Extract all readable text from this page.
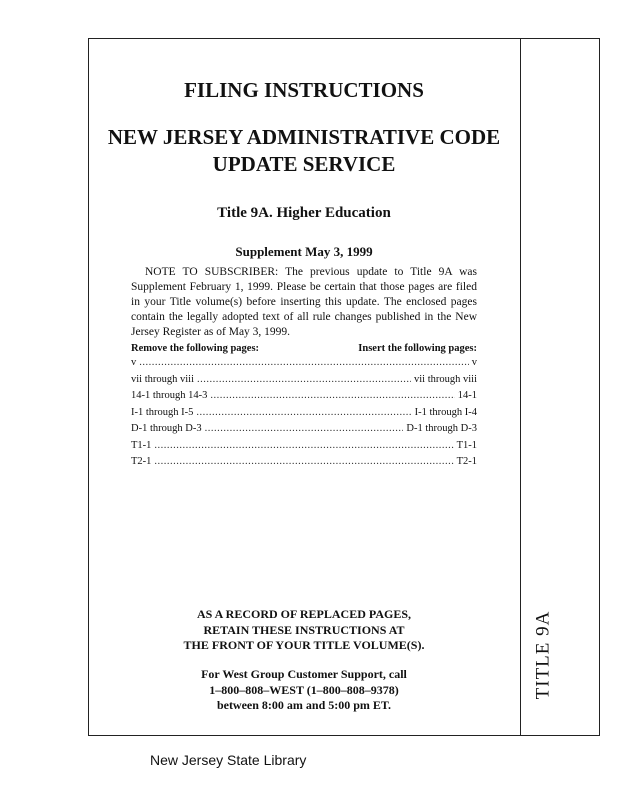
TITLE 9A
FILING INSTRUCTIONS
NEW JERSEY ADMINISTRATIVE CODE
UPDATE SERVICE
Title 9A. Higher Education
Supplement May 3, 1999

NOTE TO SUBSCRIBER: The previous update to Title 9A was Supplement February 1, 1999. Please be certain that those pages are filed in your Title volume(s) before inserting this update. The enclosed pages contain the legally adopted text of all rule changes published in the New Jersey Register as of May 3, 1999.

Remove the following pages:	Insert the following pages:
v .....	v
vii through viii .....	vii through viii
14-1 through 14-3 .....	14-1
I-1 through I-5 .....	I-1 through I-4
D-1 through D-3 .....	D-1 through D-3
T1-1 .....	T1-1
T2-1 .....	T2-1
AS A RECORD OF REPLACED PAGES,
RETAIN THESE INSTRUCTIONS AT
THE FRONT OF YOUR TITLE VOLUME(S).
For West Group Customer Support, call
1–800–808–WEST (1–800–808–9378)
between 8:00 am and 5:00 pm ET.
New Jersey State Library
